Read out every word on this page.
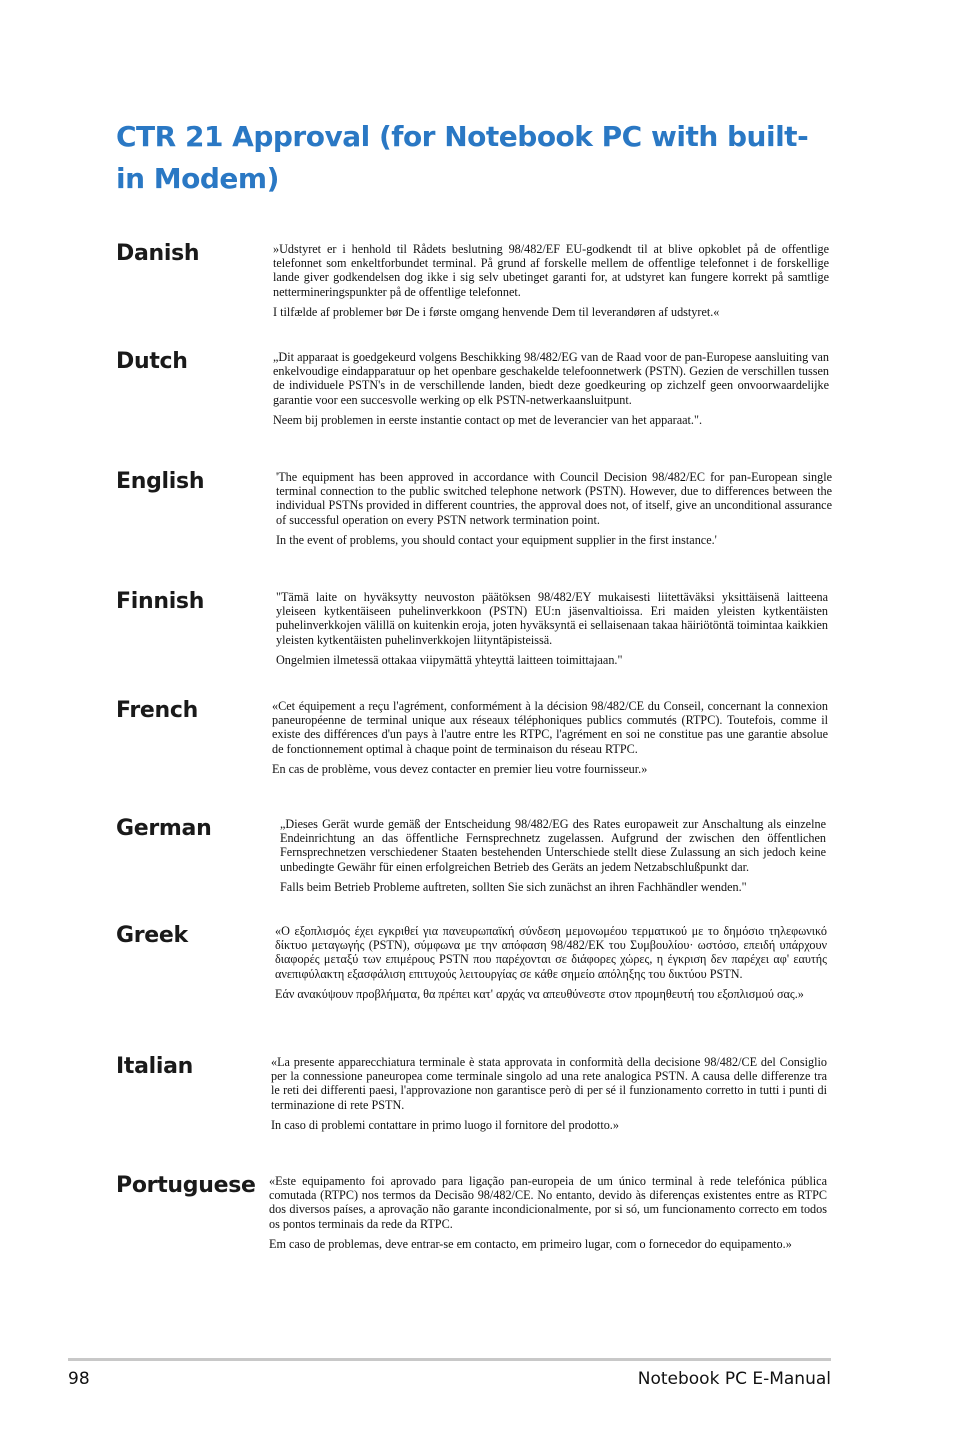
CTR 21 Approval (for Notebook PC with built-in Modem)
Danish	»Udstyret er i henhold til Rådets beslutning 98/482/EF EU-godkendt til at blive opkoblet på de offentlige telefonnet som enkeltforbundet terminal. På grund af forskelle mellem de offentlige telefonnet i de forskellige lande giver godkendelsen dog ikke i sig selv ubetinget garanti for, at udstyret kan fungere korrekt på samtlige nettermineringspunkter på de offentlige telefonnet.

I tilfælde af problemer bør De i første omgang henvende Dem til leverandøren af udstyret.«

Dutch	„Dit apparaat is goedgekeurd volgens Beschikking 98/482/EG van de Raad voor de pan-Europese aansluiting van enkelvoudige eindapparatuur op het openbare geschakelde telefoonnetwerk (PSTN). Gezien de verschillen tussen de individuele PSTN's in de verschillende landen, biedt deze goedkeuring op zichzelf geen onvoorwaardelijke garantie voor een succesvolle werking op elk PSTN-netwerkaansluitpunt.

Neem bij problemen in eerste instantie contact op met de leverancier van het apparaat.".

English	'The equipment has been approved in accordance with Council Decision 98/482/EC for pan-European single terminal connection to the public switched telephone network (PSTN). However, due to differences between the individual PSTNs provided in different countries, the approval does not, of itself, give an unconditional assurance of successful operation on every PSTN network termination point.

In the event of problems, you should contact your equipment supplier in the first instance.'

Finnish	"Tämä laite on hyväksytty neuvoston päätöksen 98/482/EY mukaisesti liitettäväksi yksittäisenä laitteena yleiseen kytkentäiseen puhelinverkkoon (PSTN) EU:n jäsenvaltioissa. Eri maiden yleisten kytkentäisten puhelinverkkojen välillä on kuitenkin eroja, joten hyväksyntä ei sellaisenaan takaa häiriötöntä toimintaa kaikkien yleisten kytkentäisten puhelinverkkojen liityntäpisteissä.

Ongelmien ilmetessä ottakaa viipymättä yhteyttä laitteen toimittajaan."

French	«Cet équipement a reçu l'agrément, conformément à la décision 98/482/CE du Conseil, concernant la connexion paneuropéenne de terminal unique aux réseaux téléphoniques publics commutés (RTPC). Toutefois, comme il existe des différences d'un pays à l'autre entre les RTPC, l'agrément en soi ne constitue pas une garantie absolue de fonctionnement optimal à chaque point de terminaison du réseau RTPC.

En cas de problème, vous devez contacter en premier lieu votre fournisseur.»

German	„Dieses Gerät wurde gemäß der Entscheidung 98/482/EG des Rates europaweit zur Anschaltung als einzelne Endeinrichtung an das öffentliche Fernsprechnetz zugelassen. Aufgrund der zwischen den öffentlichen Fernsprechnetzen verschiedener Staaten bestehenden Unterschiede stellt diese Zulassung an sich jedoch keine unbedingte Gewähr für einen erfolgreichen Betrieb des Geräts an jedem Netzabschlußpunkt dar.

Falls beim Betrieb Probleme auftreten, sollten Sie sich zunächst an ihren Fachhändler wenden."

Greek	«Ο εξοπλισμός έχει εγκριθεί για πανευρωπαϊκή σύνδεση μεμονωμέου τερματικού με το δημόσιο τηλεφωνικό δίκτυο μεταγωγής (PSTN), σύμφωνα με την απόφαση 98/482/ΕΚ του Συμβουλίου· ωστόσο, επειδή υπάρχουν διαφορές μεταξύ των επιμέρους PSTN που παρέχονται σε διάφορες χώρες, η έγκριση δεν παρέχει αφ' εαυτής ανεπιφύλακτη εξασφάλιση επιτυχούς λειτουργίας σε κάθε σημείο απόληξης του δικτύου PSTN.

Εάν ανακύψουν προβλήματα, θα πρέπει κατ' αρχάς να απευθύνεστε στον προμηθευτή του εξοπλισμού σας.»

Italian	«La presente apparecchiatura terminale è stata approvata in conformità della decisione 98/482/CE del Consiglio per la connessione paneuropea come terminale singolo ad una rete analogica PSTN. A causa delle differenze tra le reti dei differenti paesi, l'approvazione non garantisce però di per sé il funzionamento corretto in tutti i punti di terminazione di rete PSTN.

In caso di problemi contattare in primo luogo il fornitore del prodotto.»

Portuguese	«Este equipamento foi aprovado para ligação pan-europeia de um único terminal à rede telefónica pública comutada (RTPC) nos termos da Decisão 98/482/CE. No entanto, devido às diferenças existentes entre as RTPC dos diversos países, a aprovação não garante incondicionalmente, por si só, um funcionamento correcto em todos os pontos terminais da rede da RTPC.

Em caso de problemas, deve entrar-se em contacto, em primeiro lugar, com o fornecedor do equipamento.»

98	Notebook PC E-Manual
